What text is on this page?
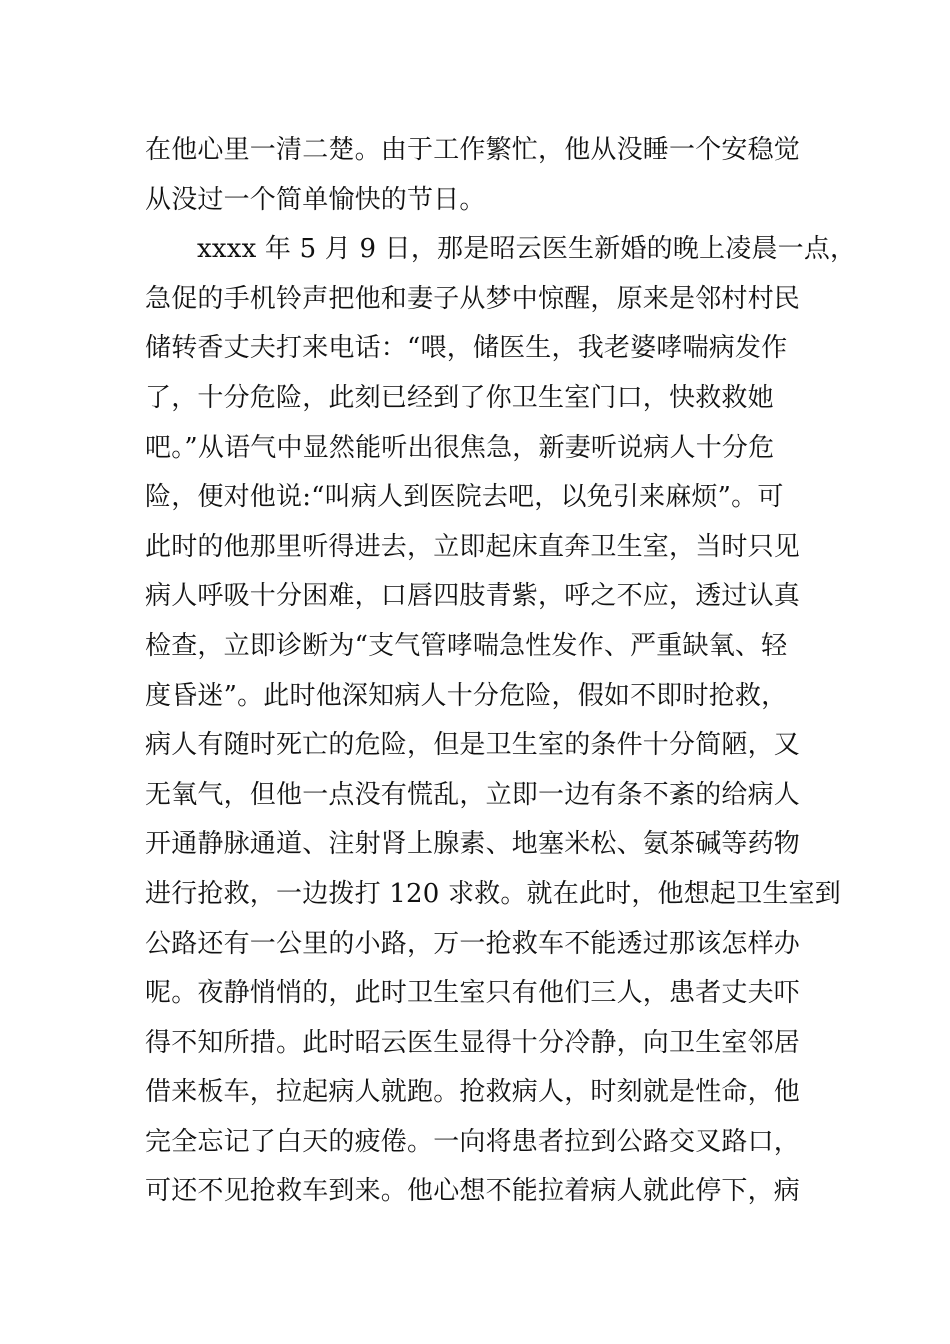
在他心里一清二楚。由于工作繁忙，他从没睡一个安稳觉
从没过一个简单愉快的节日。
xxxx 年 5 月 9 日，那是昭云医生新婚的晚上凌晨一点，
急促的手机铃声把他和妻子从梦中惊醒，原来是邻村村民
储转香丈夫打来电话：“喂，储医生，我老婆哮喘病发作
了，十分危险，此刻已经到了你卫生室门口，快救救她
吧。”从语气中显然能听出很焦急，新妻听说病人十分危
险，便对他说:“叫病人到医院去吧，以免引来麻烦”。可
此时的他那里听得进去，立即起床直奔卫生室，当时只见
病人呼吸十分困难，口唇四肢青紫，呼之不应，透过认真
检查，立即诊断为“支气管哮喘急性发作、严重缺氧、轻
度昏迷”。此时他深知病人十分危险，假如不即时抢救，
病人有随时死亡的危险，但是卫生室的条件十分简陋，又
无氧气，但他一点没有慌乱，立即一边有条不紊的给病人
开通静脉通道、注射肾上腺素、地塞米松、氨茶碱等药物
进行抢救，一边拨打 120 求救。就在此时，他想起卫生室到
公路还有一公里的小路，万一抢救车不能透过那该怎样办
呢。夜静悄悄的，此时卫生室只有他们三人，患者丈夫吓
得不知所措。此时昭云医生显得十分冷静，向卫生室邻居
借来板车，拉起病人就跑。抢救病人，时刻就是性命，他
完全忘记了白天的疲倦。一向将患者拉到公路交叉路口，
可还不见抢救车到来。他心想不能拉着病人就此停下，病
